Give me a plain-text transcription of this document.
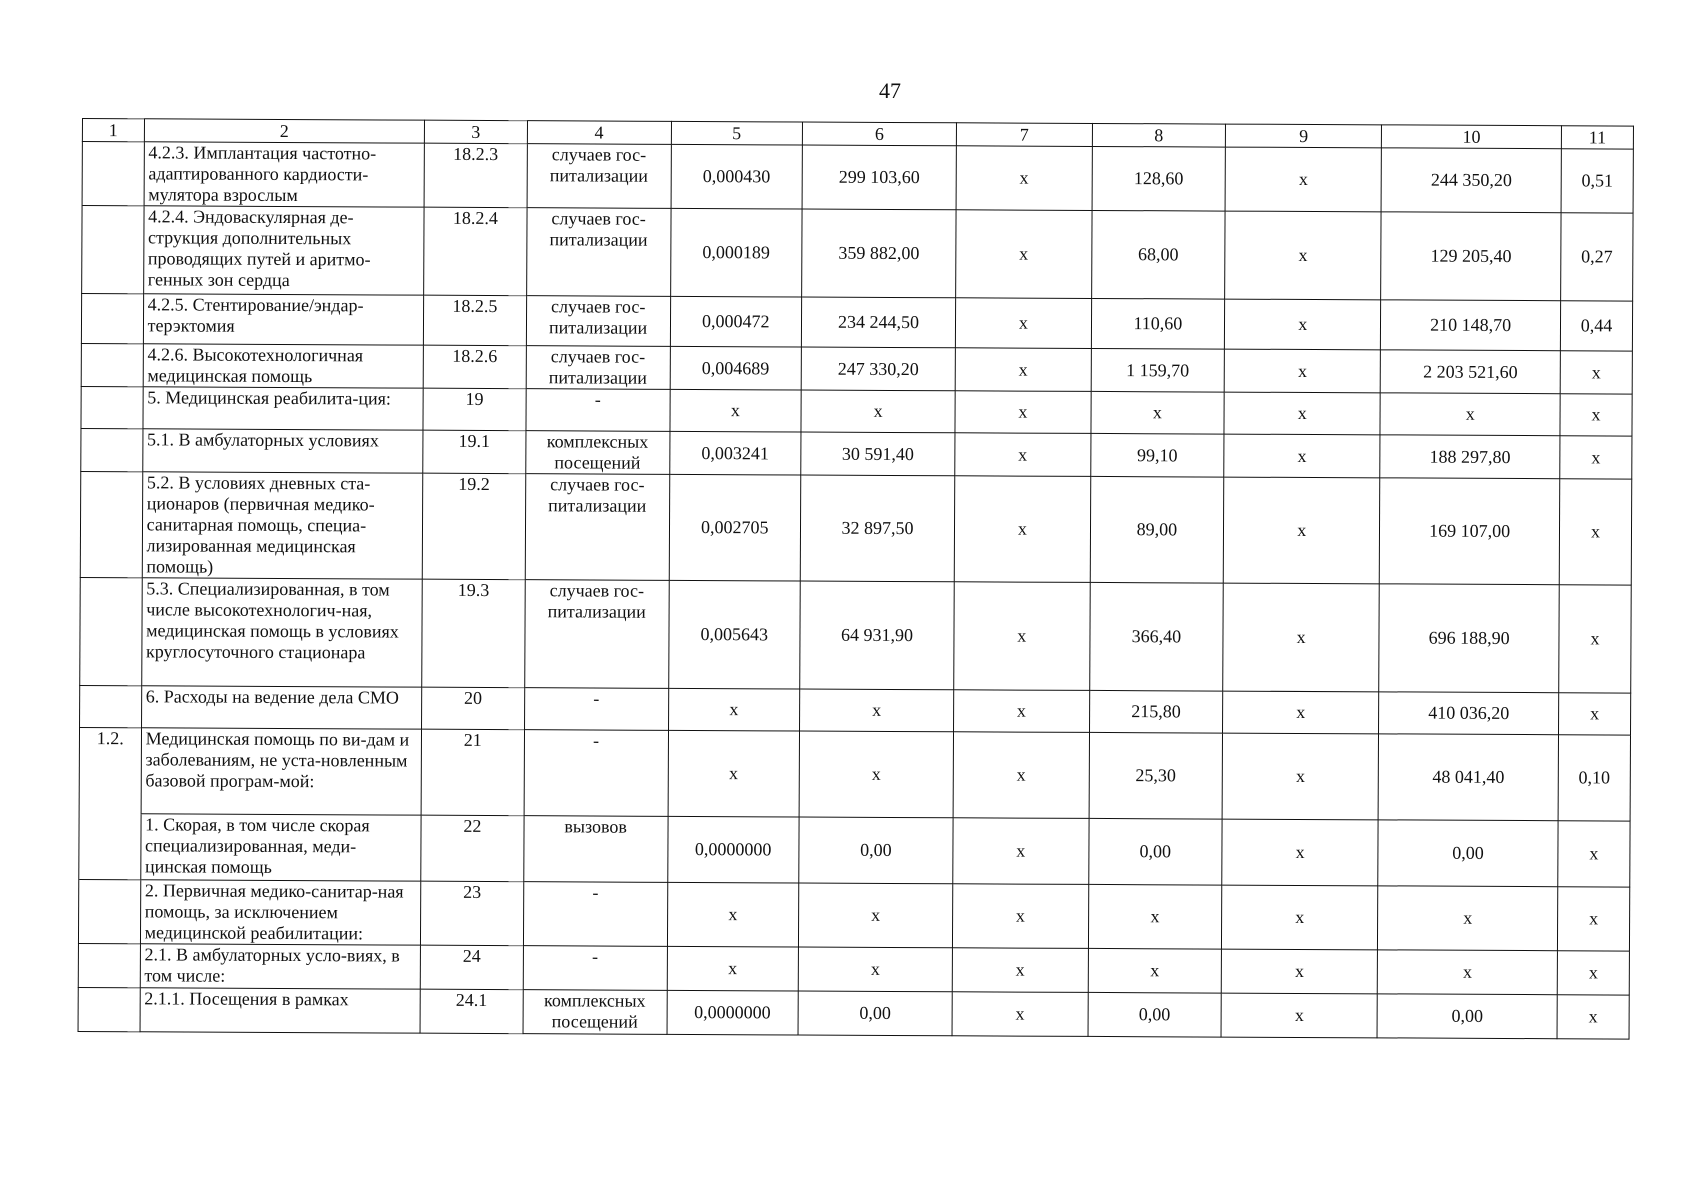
47
1	2	3	4	5	6	7	8	9	10	11
	4.2.3. Имплантация частотно-адаптированного кардиости-мулятора взрослым	18.2.3	случаев гос-питализации	0,000430	299 103,60	х	128,60	х	244 350,20	0,51
	4.2.4. Эндоваскулярная де-струкция дополнительных проводящих путей и аритмо-генных зон сердца	18.2.4	случаев гос-питализации	0,000189	359 882,00	х	68,00	х	129 205,40	0,27
	4.2.5. Стентирование/эндар-терэктомия	18.2.5	случаев гос-питализации	0,000472	234 244,50	х	110,60	х	210 148,70	0,44
	4.2.6. Высокотехнологичная медицинская помощь	18.2.6	случаев гос-питализации	0,004689	247 330,20	х	1 159,70	х	2 203 521,60	х
	5. Медицинская реабилита-ция:	19	-	х	х	х	х	х	х	х
	5.1. В амбулаторных условиях	19.1	комплексных посещений	0,003241	30 591,40	х	99,10	х	188 297,80	х
	5.2. В условиях дневных ста-ционаров (первичная медико-санитарная помощь, специа-лизированная медицинская помощь)	19.2	случаев гос-питализации	0,002705	32 897,50	х	89,00	х	169 107,00	х
	5.3. Специализированная, в том числе высокотехнологич-ная, медицинская помощь в условиях круглосуточного стационара	19.3	случаев гос-питализации	0,005643	64 931,90	х	366,40	х	696 188,90	х
	6. Расходы на ведение дела СМО	20	-	х	х	х	215,80	х	410 036,20	х
1.2.	Медицинская помощь по ви-дам и заболеваниям, не уста-новленным базовой програм-мой:	21	-	х	х	х	25,30	х	48 041,40	0,10
	1. Скорая, в том числе скорая специализированная, меди-цинская помощь	22	вызовов	0,0000000	0,00	х	0,00	х	0,00	х
	2. Первичная медико-санитар-ная помощь, за исключением медицинской реабилитации:	23	-	х	х	х	х	х	х	х
	2.1. В амбулаторных усло-виях, в том числе:	24	-	х	х	х	х	х	х	х
	2.1.1. Посещения в рамках	24.1	комплексных посещений	0,0000000	0,00	х	0,00	х	0,00	х
